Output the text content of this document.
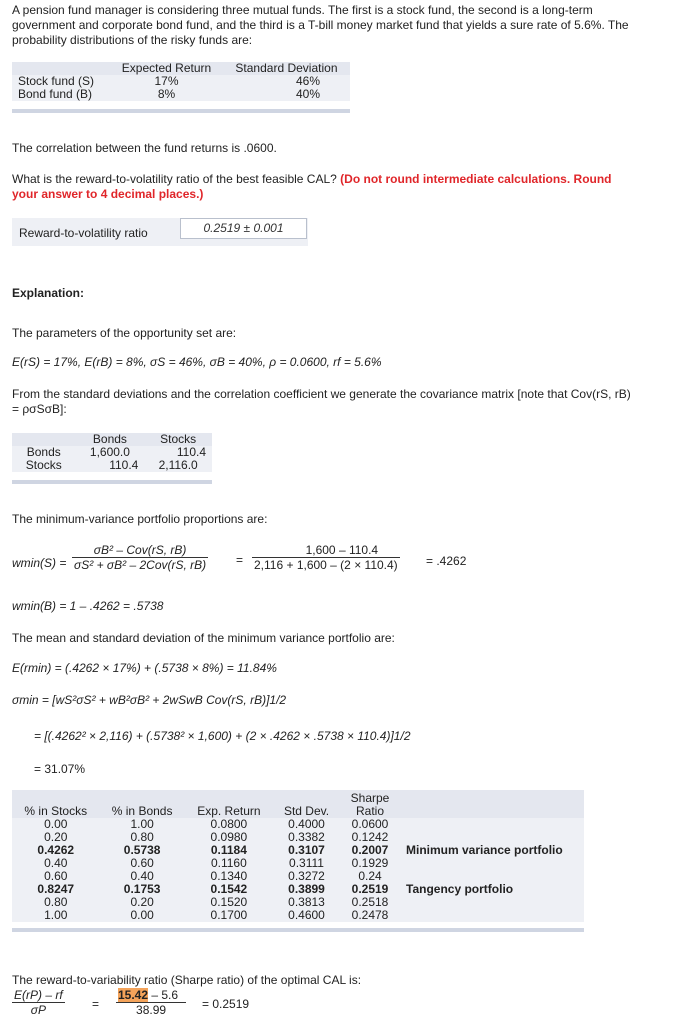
A pension fund manager is considering three mutual funds. The first is a stock fund, the second is a long-term government and corporate bond fund, and the third is a T-bill money market fund that yields a sure rate of 5.6%. The probability distributions of the risky funds are:

	Expected Return	Standard Deviation
Stock fund (S)	17%	46%
Bond fund (B)	8%	40%

The correlation between the fund returns is .0600.

What is the reward-to-volatility ratio of the best feasible CAL? (Do not round intermediate calculations. Round your answer to 4 decimal places.)

Reward-to-volatility ratio	0.2519 ± 0.001

Explanation:

The parameters of the opportunity set are:

E(rS) = 17%, E(rB) = 8%, σS = 46%, σB = 40%, ρ = 0.0600, rf = 5.6%

From the standard deviations and the correlation coefficient we generate the covariance matrix [note that Cov(rS, rB) = ρσSσB]:

	Bonds	Stocks
Bonds	1,600.0	110.4
Stocks	110.4	2,116.0

The minimum-variance portfolio proportions are:

wmin(S) =
σB² – Cov(rS, rB)
σS² + σB² – 2Cov(rS, $rB) = \frac{1,600 - 110.4}{2,116 + 1,600 - (2 \times 110.4)} = .4262$

wmin(B) = 1 – .4262 = .5738

The mean and standard deviation of the minimum variance portfolio are:

E(rmin) = (.4262 × 17%) + (.5738 × 8%) = 11.84%

σmin = [wS²σS² + wB²σB² + 2wSwB Cov(rS, rB)]1/2

= [(.4262² × 2,116) + (.5738² × 1,600) + (2 × .4262 × .5738 × 110.4)]1/2

= 31.07%

% in Stocks	% in Bonds	Exp. Return	Std Dev.	Sharpe Ratio	
0.00	1.00	0.0800	0.4000	0.0600	
0.20	0.80	0.0980	0.3382	0.1242	
0.4262	0.5738	0.1184	0.3107	0.2007	Minimum variance portfolio
0.40	0.60	0.1160	0.3111	0.1929	
0.60	0.40	0.1340	0.3272	0.24	
0.8247	0.1753	0.1542	0.3899	0.2519	Tangency portfolio
0.80	0.20	0.1520	0.3813	0.2518	
1.00	0.00	0.1700	0.4600	0.2478	

The reward-to-variability ratio (Sharpe ratio) of the optimal CAL is:

$\frac{E(rP) - rf}{\sigma P} = \frac{15.42 - 5.6}{38.99} = 0.2519$
